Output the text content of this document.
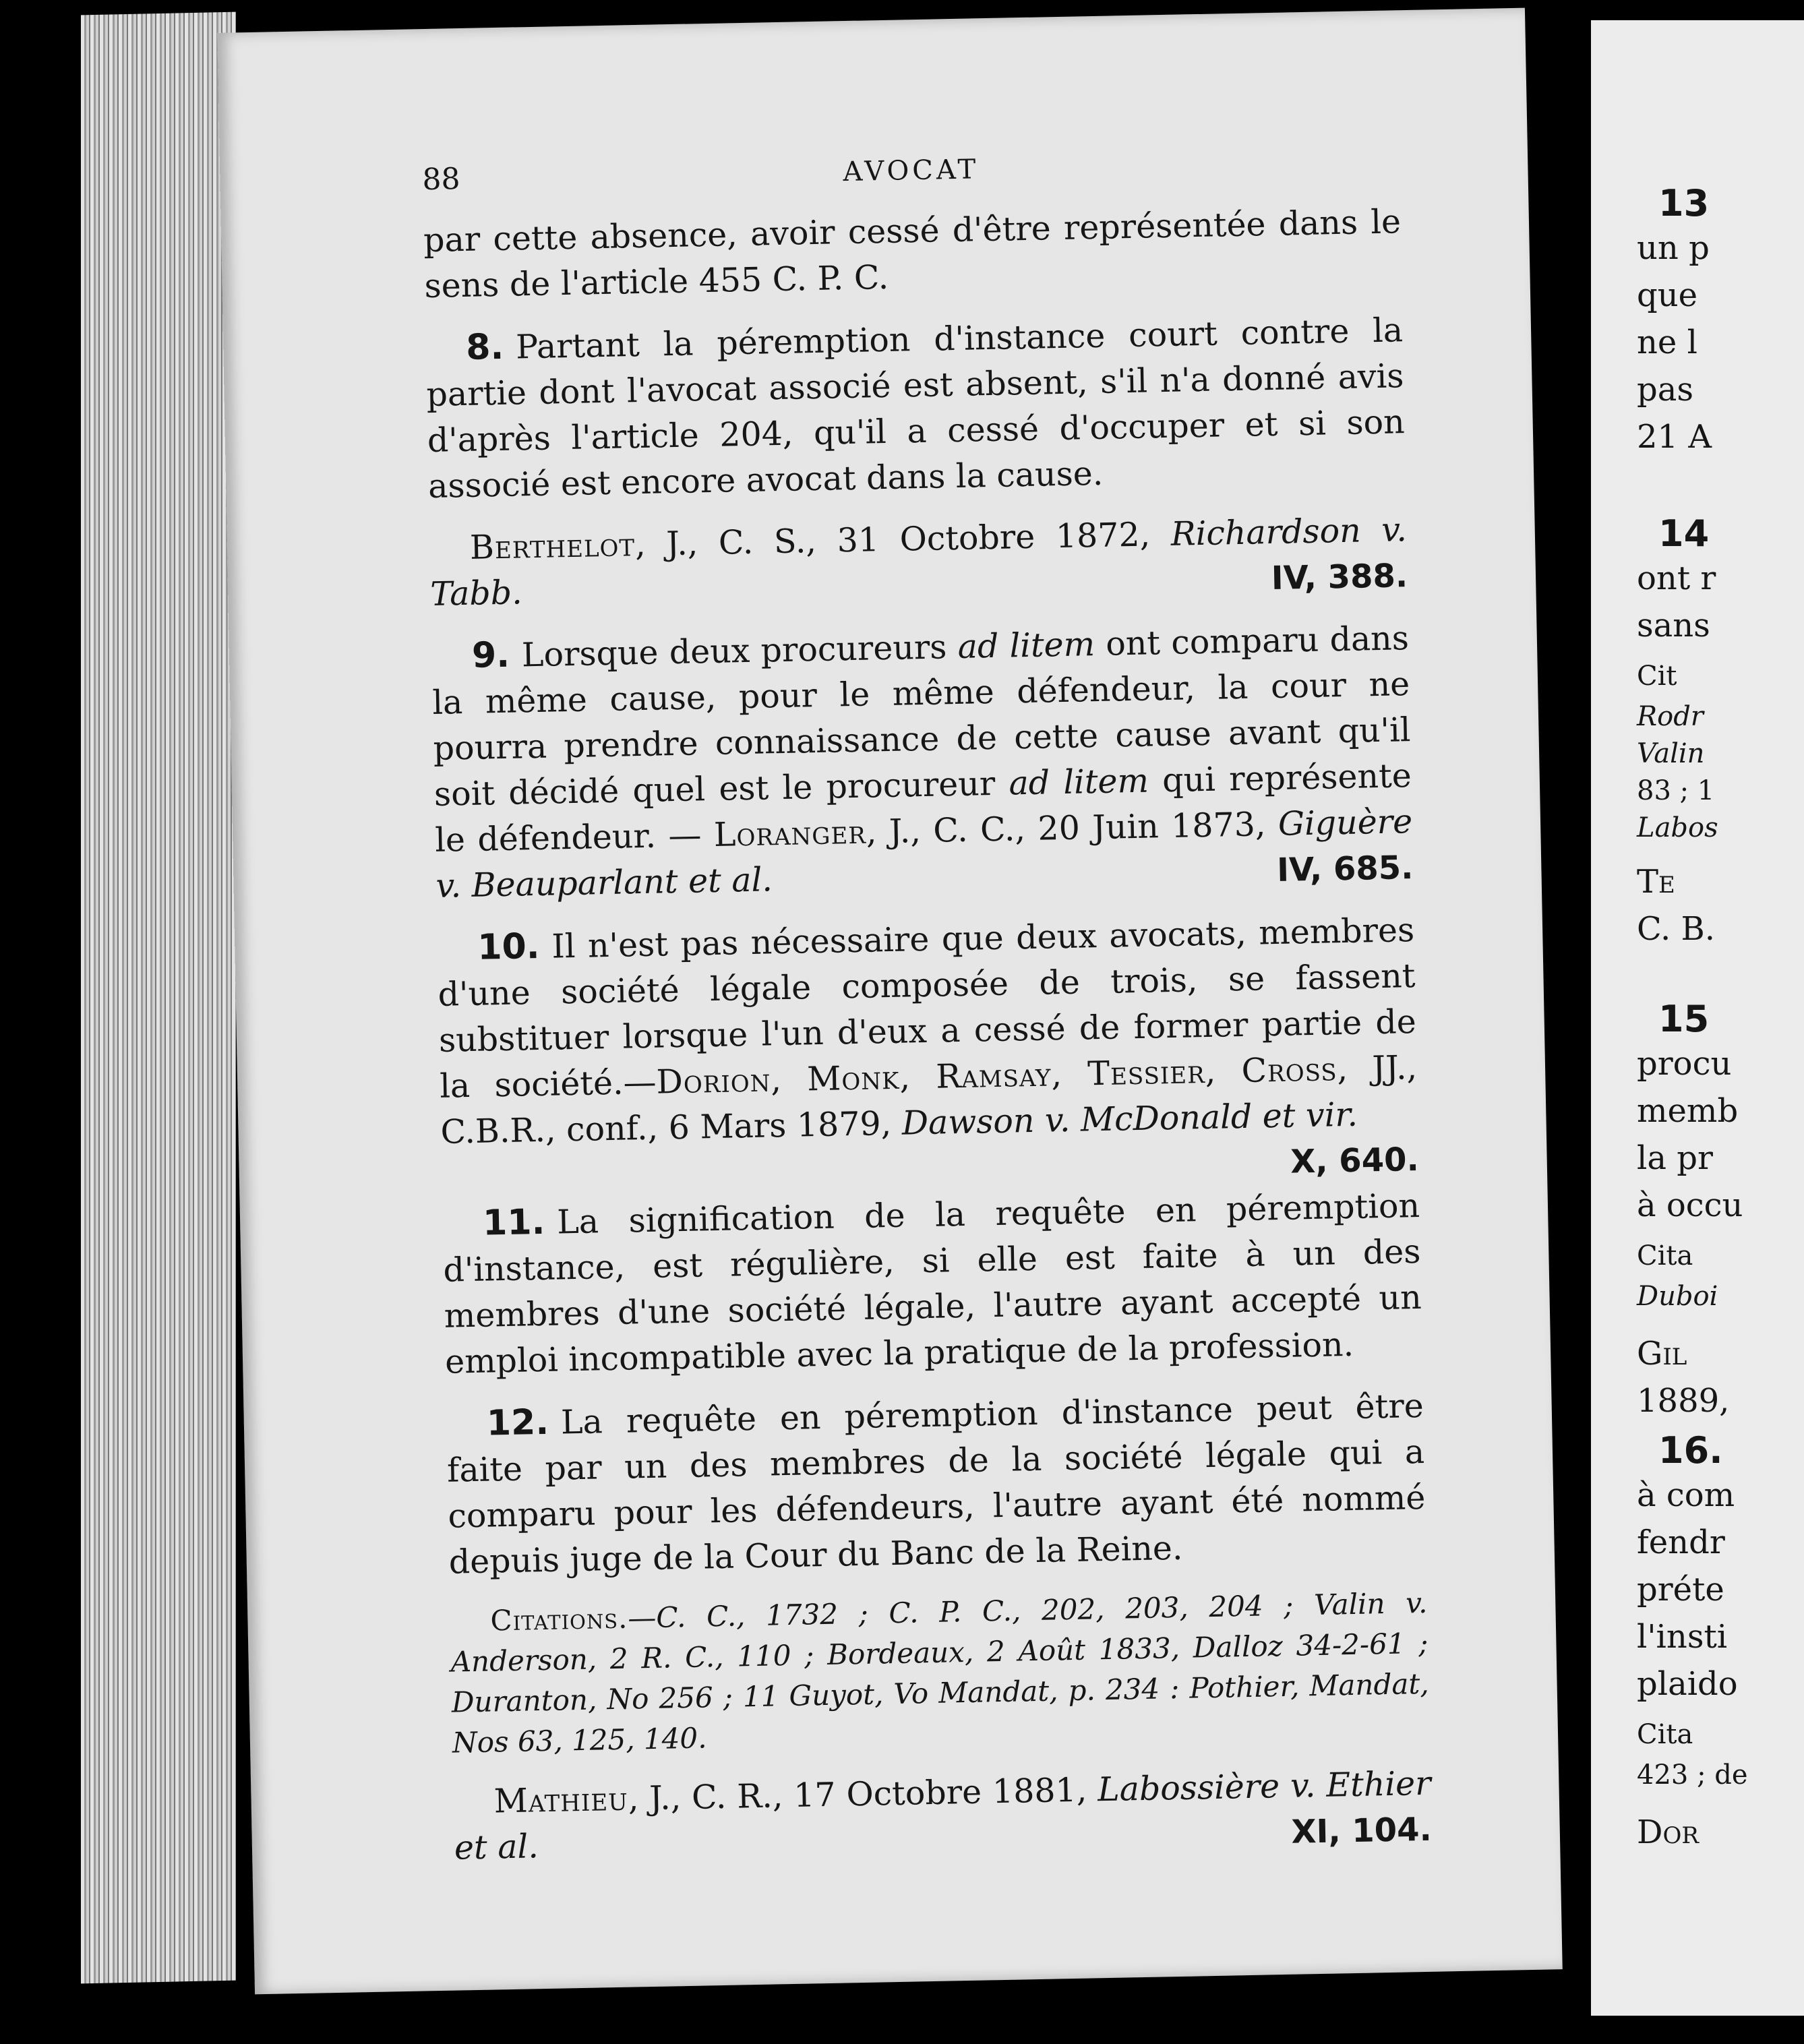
88	AVOCAT

par cette absence, avoir cessé d'être représentée dans le sens de l'article 455 C. P. C.

8. Partant la péremption d'instance court contre la partie dont l'avocat associé est absent, s'il n'a donné avis d'après l'article 204, qu'il a cessé d'occuper et si son associé est encore avocat dans la cause.

Berthelot, J., C. S., 31 Octobre 1872, Richardson v. Tabb.	IV, 388.

9. Lorsque deux procureurs ad litem ont comparu dans la même cause, pour le même défendeur, la cour ne pourra prendre connaissance de cette cause avant qu'il soit décidé quel est le procureur ad litem qui représente le défendeur. — Loranger, J., C. C., 20 Juin 1873, Giguère v. Beauparlant et al.	IV, 685.

10. Il n'est pas nécessaire que deux avocats, membres d'une société légale composée de trois, se fassent substituer lorsque l'un d'eux a cessé de former partie de la société.—Dorion, Monk, Ramsay, Tessier, Cross, JJ., C.B.R., conf., 6 Mars 1879, Dawson v. McDonald et vir.
X, 640.

11. La signification de la requête en péremption d'instance, est régulière, si elle est faite à un des membres d'une société légale, l'autre ayant accepté un emploi incompatible avec la pratique de la profession.

12. La requête en péremption d'instance peut être faite par un des membres de la société légale qui a comparu pour les défendeurs, l'autre ayant été nommé depuis juge de la Cour du Banc de la Reine.

Citations.—C. C., 1732 ; C. P. C., 202, 203, 204 ; Valin v. Anderson, 2 R. C., 110 ; Bordeaux, 2 Août 1833, Dalloz 34-2-61 ; Duranton, No 256 ; 11 Guyot, Vo Mandat, p. 234 : Pothier, Mandat, Nos 63, 125, 140.

Mathieu, J., C. R., 17 Octobre 1881, Labossière v. Ethier et al.	XI, 104.

13
un p
que
ne l
pas
21 A
14
ont r
sans
Cit
Rodr
Valin
83 ; 1
Labos
Te
C. B.
15
procu
memb
la pr
à occu
Cita
Duboi
Gil
1889,
16.
à com
fendr
préte
l'insti
plaido
Cita
423 ; de
Dor
